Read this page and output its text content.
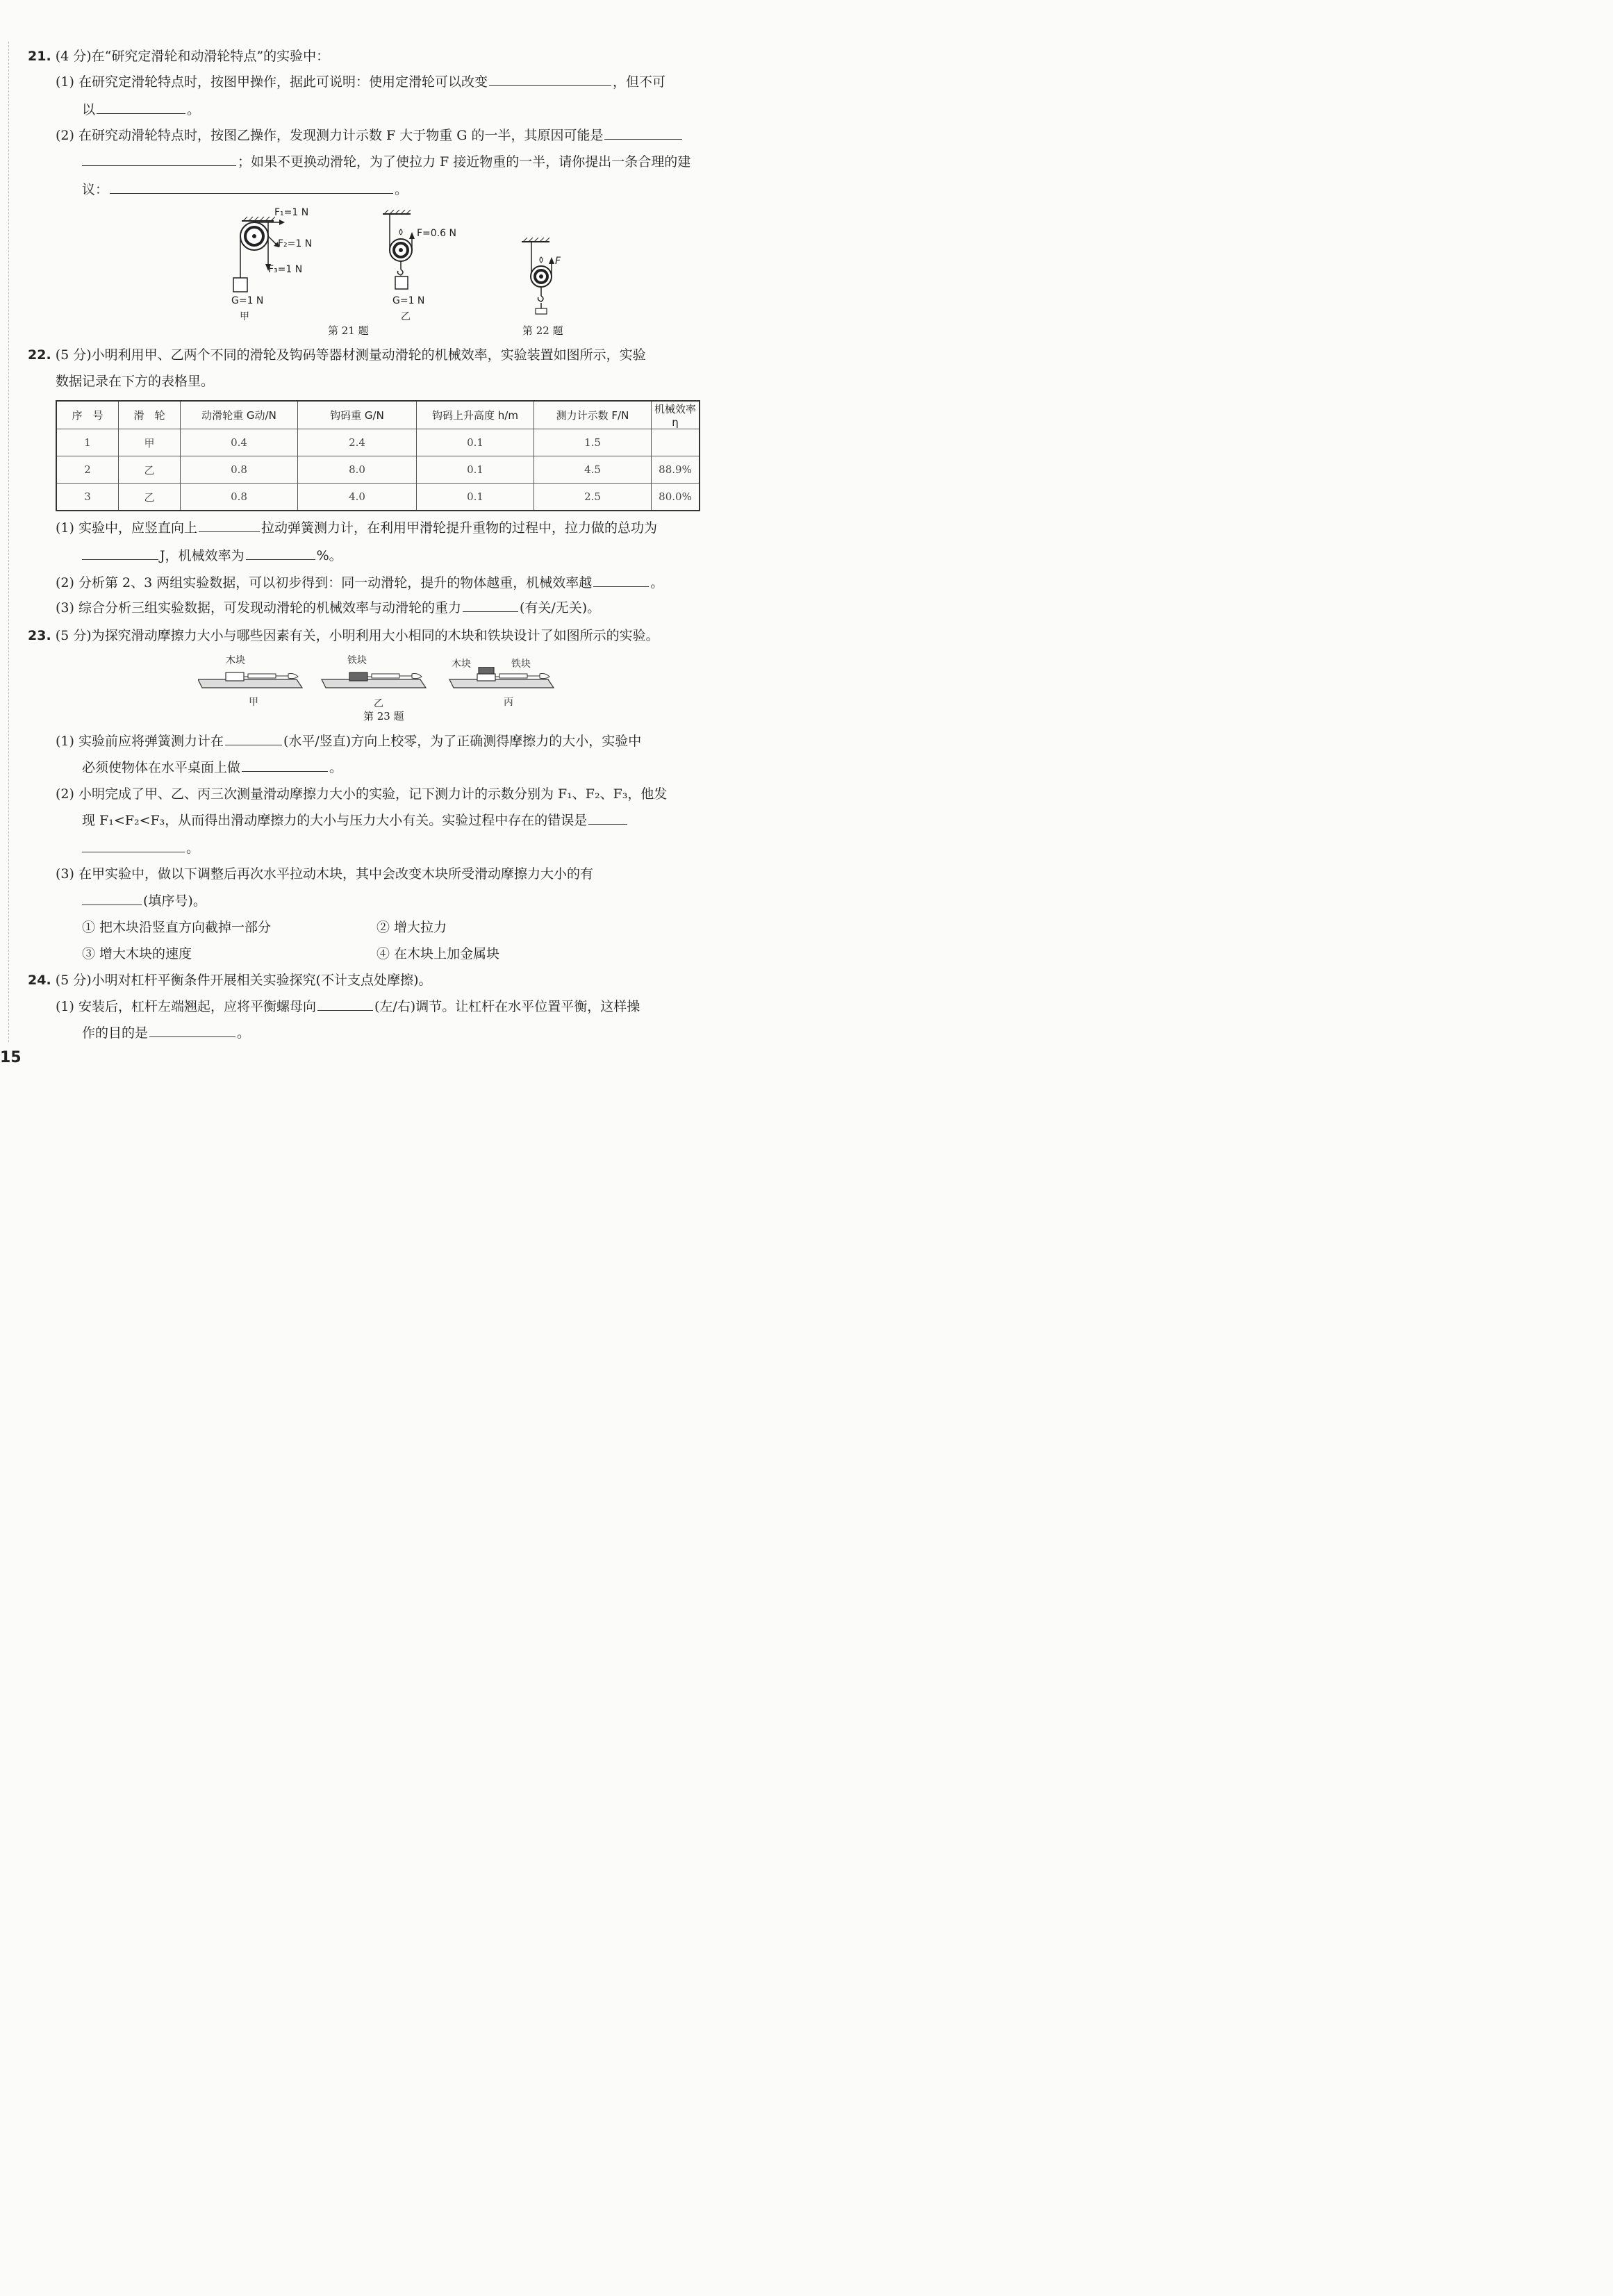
21. (4 分)在“研究定滑轮和动滑轮特点”的实验中：
(1) 在研究定滑轮特点时，按图甲操作，据此可说明：使用定滑轮可以改变	，但不可
以	。
(2) 在研究动滑轮特点时，按图乙操作，发现测力计示数 F 大于物重 G 的一半，其原因可能是
；如果不更换动滑轮，为了使拉力 F 接近物重的一半，请你提出一条合理的建
议：	。
F₁=1 N
F₂=1 N
F₃=1 N
G=1 N
甲
F=0.6 N
G=1 N
乙
第 21 题
F
第 22 题
22. (5 分)小明利用甲、乙两个不同的滑轮及钩码等器材测量动滑轮的机械效率，实验装置如图所示，实验
数据记录在下方的表格里。
序　号	滑　轮	动滑轮重 G动/N	钩码重 G/N	钩码上升高度 h/m	测力计示数 F/N	机械效率 η
1	甲	0.4	2.4	0.1	1.5	
2	乙	0.8	8.0	0.1	4.5	88.9%
3	乙	0.8	4.0	0.1	2.5	80.0%
(1) 实验中，应竖直向上	拉动弹簧测力计，在利用甲滑轮提升重物的过程中，拉力做的总功为
J，机械效率为	%。
(2) 分析第 2、3 两组实验数据，可以初步得到：同一动滑轮，提升的物体越重，机械效率越	。
(3) 综合分析三组实验数据，可发现动滑轮的机械效率与动滑轮的重力	(有关/无关)。
23. (5 分)为探究滑动摩擦力大小与哪些因素有关，小明利用大小相同的木块和铁块设计了如图所示的实验。
木块	铁块	木块	铁块
甲	乙	丙
第 23 题
(1) 实验前应将弹簧测力计在	(水平/竖直)方向上校零，为了正确测得摩擦力的大小，实验中
必须使物体在水平桌面上做	。
(2) 小明完成了甲、乙、丙三次测量滑动摩擦力大小的实验，记下测力计的示数分别为 F₁、F₂、F₃，他发
现 F₁<F₂<F₃，从而得出滑动摩擦力的大小与压力大小有关。实验过程中存在的错误是
。
(3) 在甲实验中，做以下调整后再次水平拉动木块，其中会改变木块所受滑动摩擦力大小的有
(填序号)。
① 把木块沿竖直方向截掉一部分	② 增大拉力
③ 增大木块的速度	④ 在木块上加金属块
24. (5 分)小明对杠杆平衡条件开展相关实验探究(不计支点处摩擦)。
(1) 安装后，杠杆左端翘起，应将平衡螺母向	(左/右)调节。让杠杆在水平位置平衡，这样操
作的目的是	。
15
